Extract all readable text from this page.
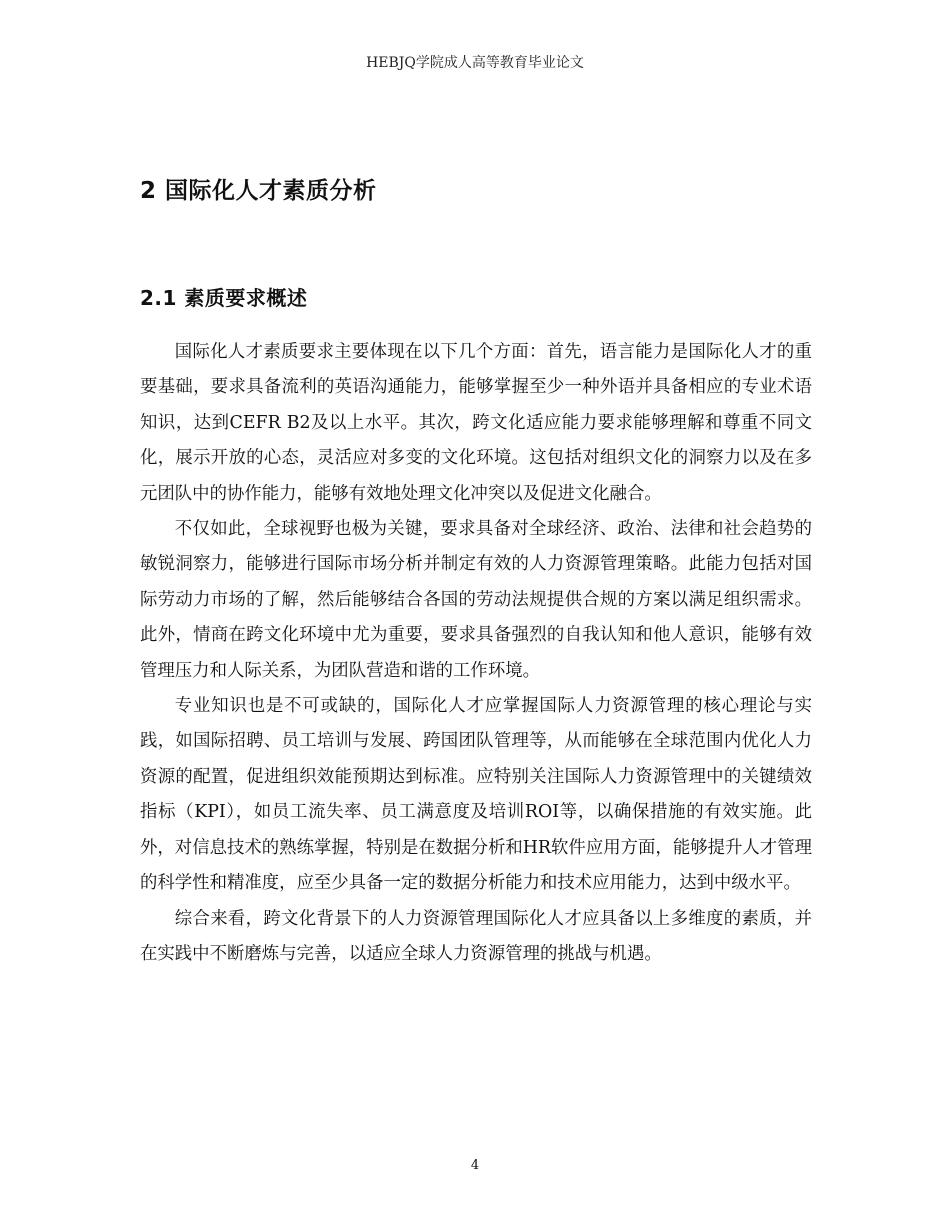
HEBJQ学院成人高等教育毕业论文
2 国际化人才素质分析
2.1 素质要求概述

国际化人才素质要求主要体现在以下几个方面：首先，语言能力是国际化人才的重要基础，要求具备流利的英语沟通能力，能够掌握至少一种外语并具备相应的专业术语知识，达到CEFR B2及以上水平。其次，跨文化适应能力要求能够理解和尊重不同文化，展示开放的心态，灵活应对多变的文化环境。这包括对组织文化的洞察力以及在多元团队中的协作能力，能够有效地处理文化冲突以及促进文化融合。

不仅如此，全球视野也极为关键，要求具备对全球经济、政治、法律和社会趋势的敏锐洞察力，能够进行国际市场分析并制定有效的人力资源管理策略。此能力包括对国际劳动力市场的了解，然后能够结合各国的劳动法规提供合规的方案以满足组织需求。此外，情商在跨文化环境中尤为重要，要求具备强烈的自我认知和他人意识，能够有效管理压力和人际关系，为团队营造和谐的工作环境。

专业知识也是不可或缺的，国际化人才应掌握国际人力资源管理的核心理论与实践，如国际招聘、员工培训与发展、跨国团队管理等，从而能够在全球范围内优化人力资源的配置，促进组织效能预期达到标准。应特别关注国际人力资源管理中的关键绩效指标（KPI），如员工流失率、员工满意度及培训ROI等，以确保措施的有效实施。此外，对信息技术的熟练掌握，特别是在数据分析和HR软件应用方面，能够提升人才管理的科学性和精准度，应至少具备一定的数据分析能力和技术应用能力，达到中级水平。

综合来看，跨文化背景下的人力资源管理国际化人才应具备以上多维度的素质，并在实践中不断磨炼与完善，以适应全球人力资源管理的挑战与机遇。

4
